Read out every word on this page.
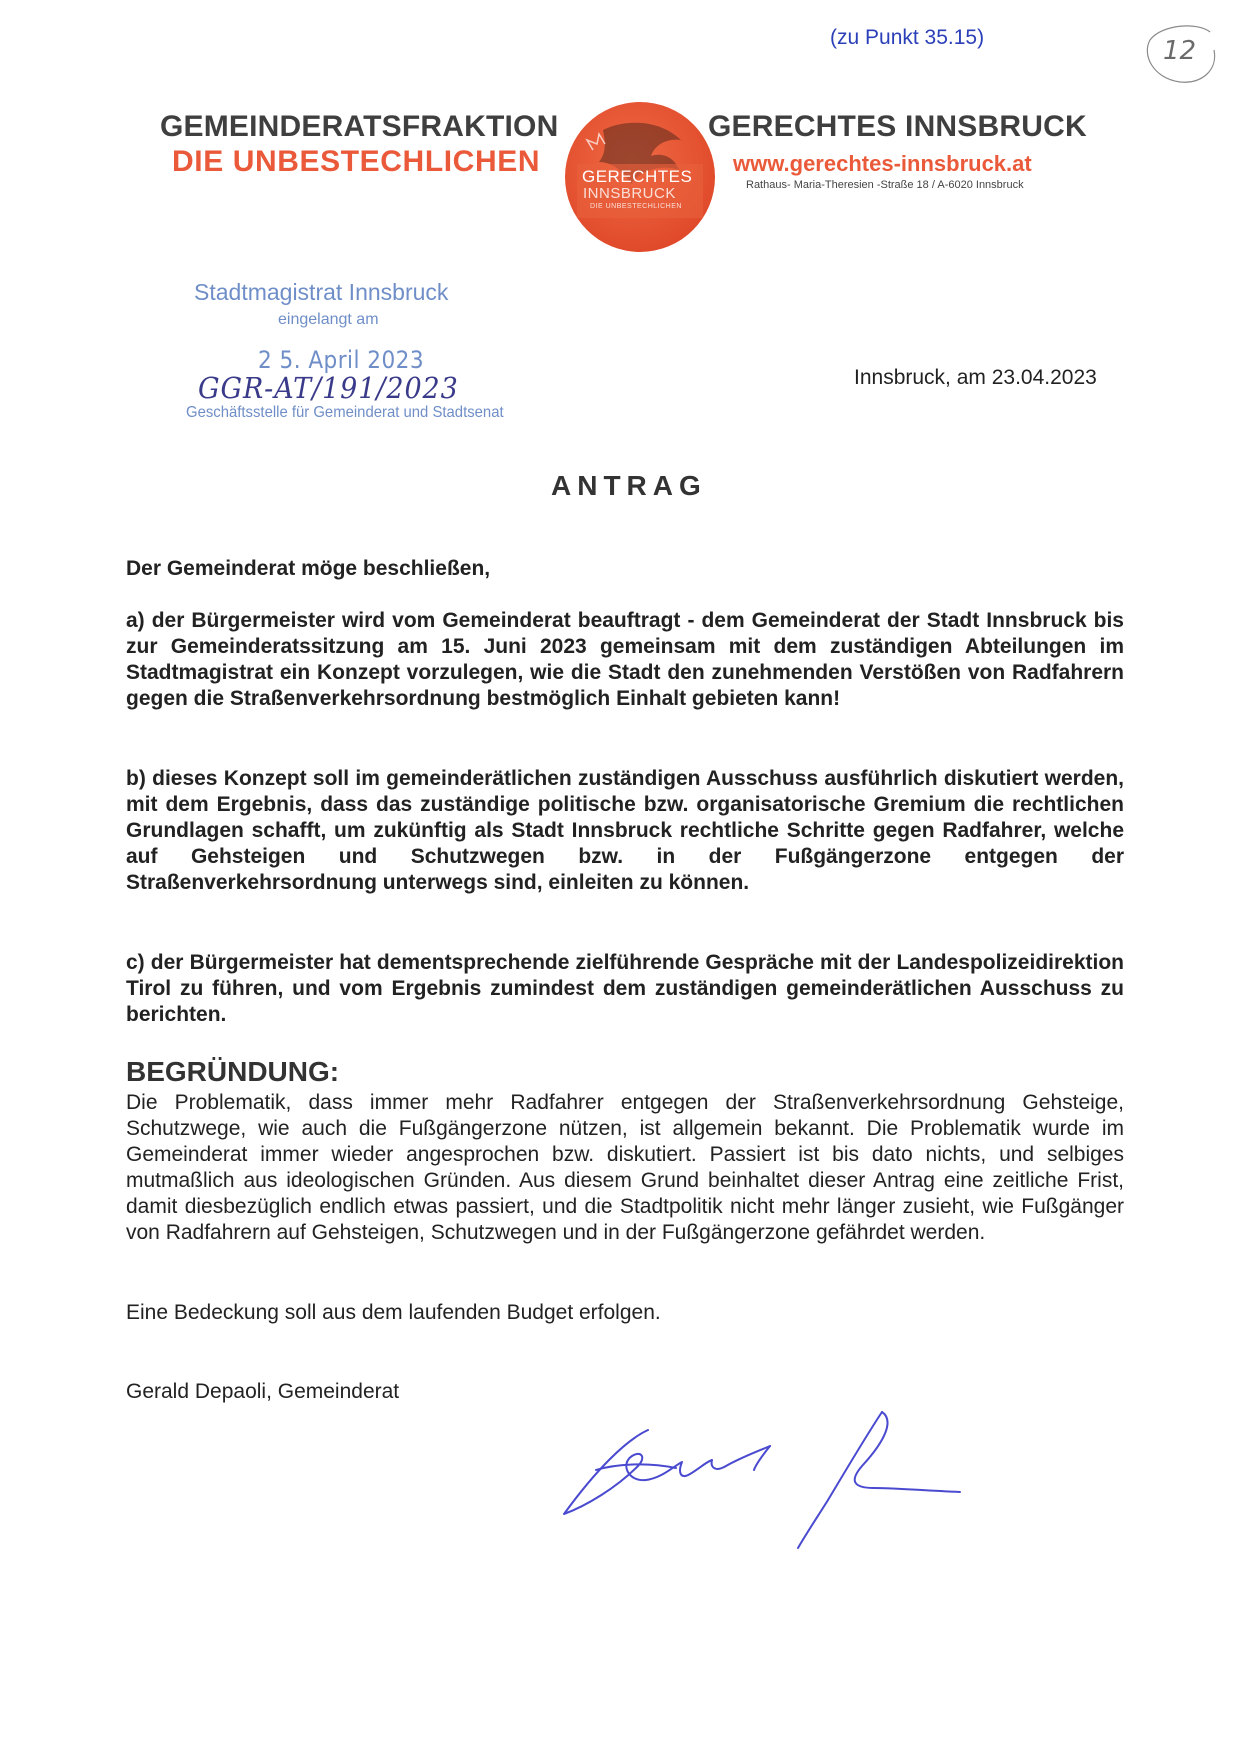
(zu Punkt 35.15)	12
GEMEINDERATSFRAKTION
DIE UNBESTECHLICHEN GERECHTES
INNSBRUCK
DIE UNBESTECHLICHEN
GERECHTES INNSBRUCK
www.gerechtes-innsbruck.at
Rathaus- Maria-Theresien -Straße 18 / A-6020 Innsbruck
Stadtmagistrat Innsbruck
eingelangt am
2 5. April 2023
GGR-AT/191/2023
Geschäftsstelle für Gemeinderat und Stadtsenat
Innsbruck, am 23.04.2023
ANTRAG
Der Gemeinderat möge beschließen,
a) der Bürgermeister wird vom Gemeinderat beauftragt - dem Gemeinderat der Stadt Innsbruck bis zur Gemeinderatssitzung am 15. Juni 2023 gemeinsam mit dem zuständigen Abteilungen im Stadtmagistrat ein Konzept vorzulegen, wie die Stadt den zunehmenden Verstößen von Radfahrern gegen die Straßenverkehrsordnung bestmöglich Einhalt gebieten kann!
b) dieses Konzept soll im gemeinderätlichen zuständigen Ausschuss ausführlich diskutiert werden, mit dem Ergebnis, dass das zuständige politische bzw. organisatorische Gremium die rechtlichen Grundlagen schafft, um zukünftig als Stadt Innsbruck rechtliche Schritte gegen Radfahrer, welche auf Gehsteigen und Schutzwegen bzw. in der Fußgängerzone entgegen der Straßenverkehrsordnung unterwegs sind, einleiten zu können.
c) der Bürgermeister hat dementsprechende zielführende Gespräche mit der Landespolizeidirektion Tirol zu führen, und vom Ergebnis zumindest dem zuständigen gemeinderätlichen Ausschuss zu berichten.
BEGRÜNDUNG:
Die Problematik, dass immer mehr Radfahrer entgegen der Straßenverkehrsordnung Gehsteige, Schutzwege, wie auch die Fußgängerzone nützen, ist allgemein bekannt. Die Problematik wurde im Gemeinderat immer wieder angesprochen bzw. diskutiert. Passiert ist bis dato nichts, und selbiges mutmaßlich aus ideologischen Gründen. Aus diesem Grund beinhaltet dieser Antrag eine zeitliche Frist, damit diesbezüglich endlich etwas passiert, und die Stadtpolitik nicht mehr länger zusieht, wie Fußgänger von Radfahrern auf Gehsteigen, Schutzwegen und in der Fußgängerzone gefährdet werden.
Eine Bedeckung soll aus dem laufenden Budget erfolgen.
Gerald Depaoli, Gemeinderat
